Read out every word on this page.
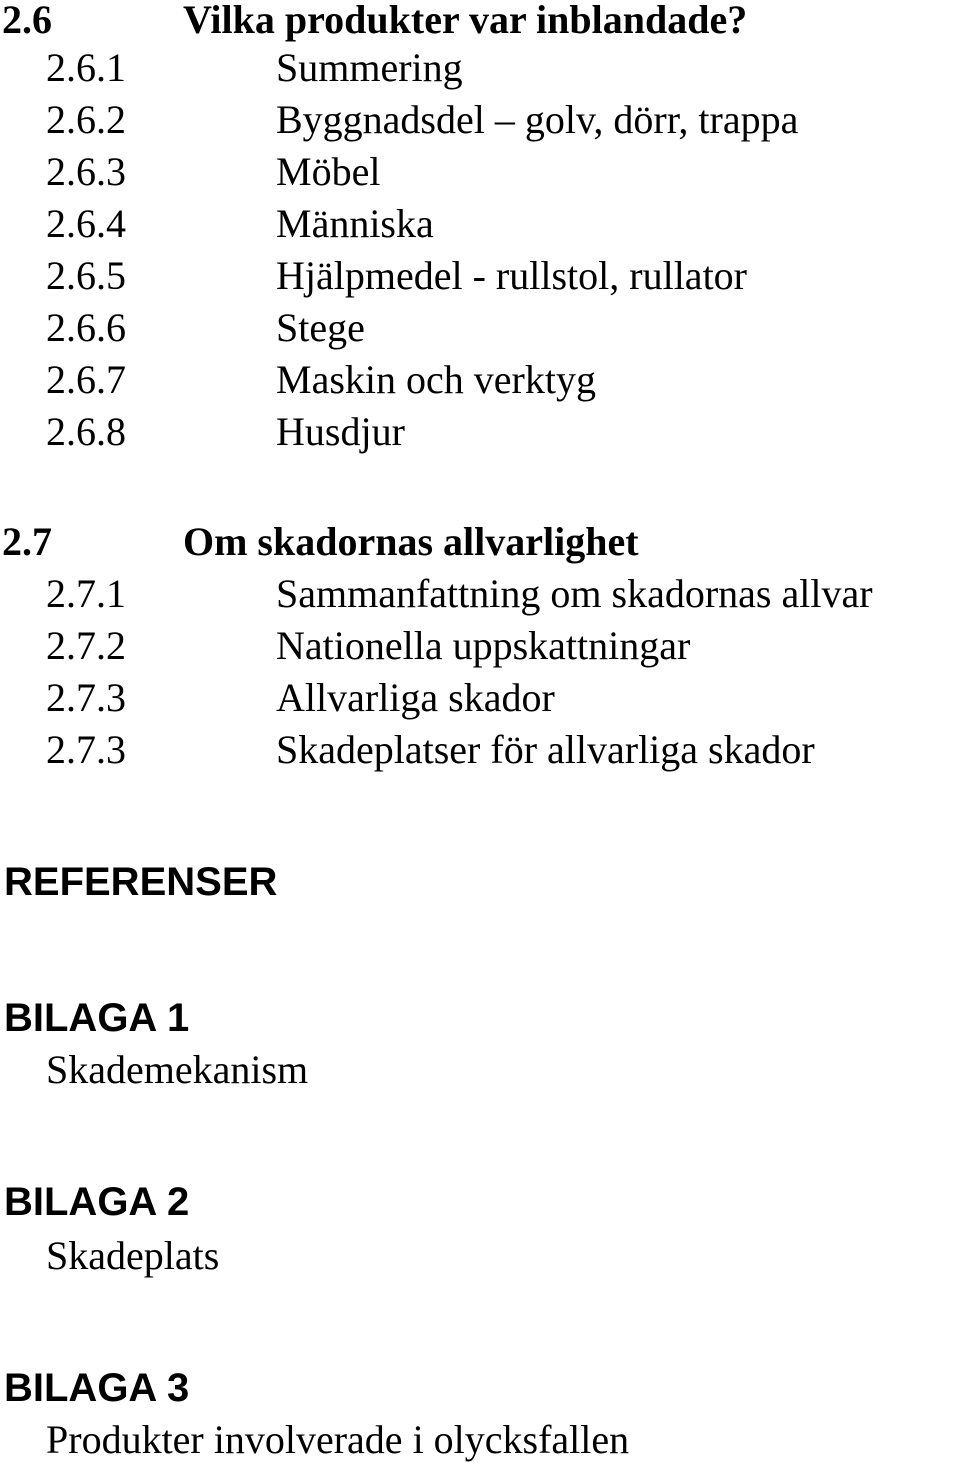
2.6	Vilka produkter var inblandade?
2.6.1	Summering
2.6.2	Byggnadsdel – golv, dörr, trappa
2.6.3	Möbel
2.6.4	Människa
2.6.5	Hjälpmedel - rullstol, rullator
2.6.6	Stege
2.6.7	Maskin och verktyg
2.6.8	Husdjur
2.7	Om skadornas allvarlighet
2.7.1	Sammanfattning om skadornas allvar
2.7.2	Nationella uppskattningar
2.7.3	Allvarliga skador
2.7.3	Skadeplatser för allvarliga skador
REFERENSER
BILAGA 1
Skademekanism
BILAGA 2
Skadeplats
BILAGA 3
Produkter involverade i olycksfallen
